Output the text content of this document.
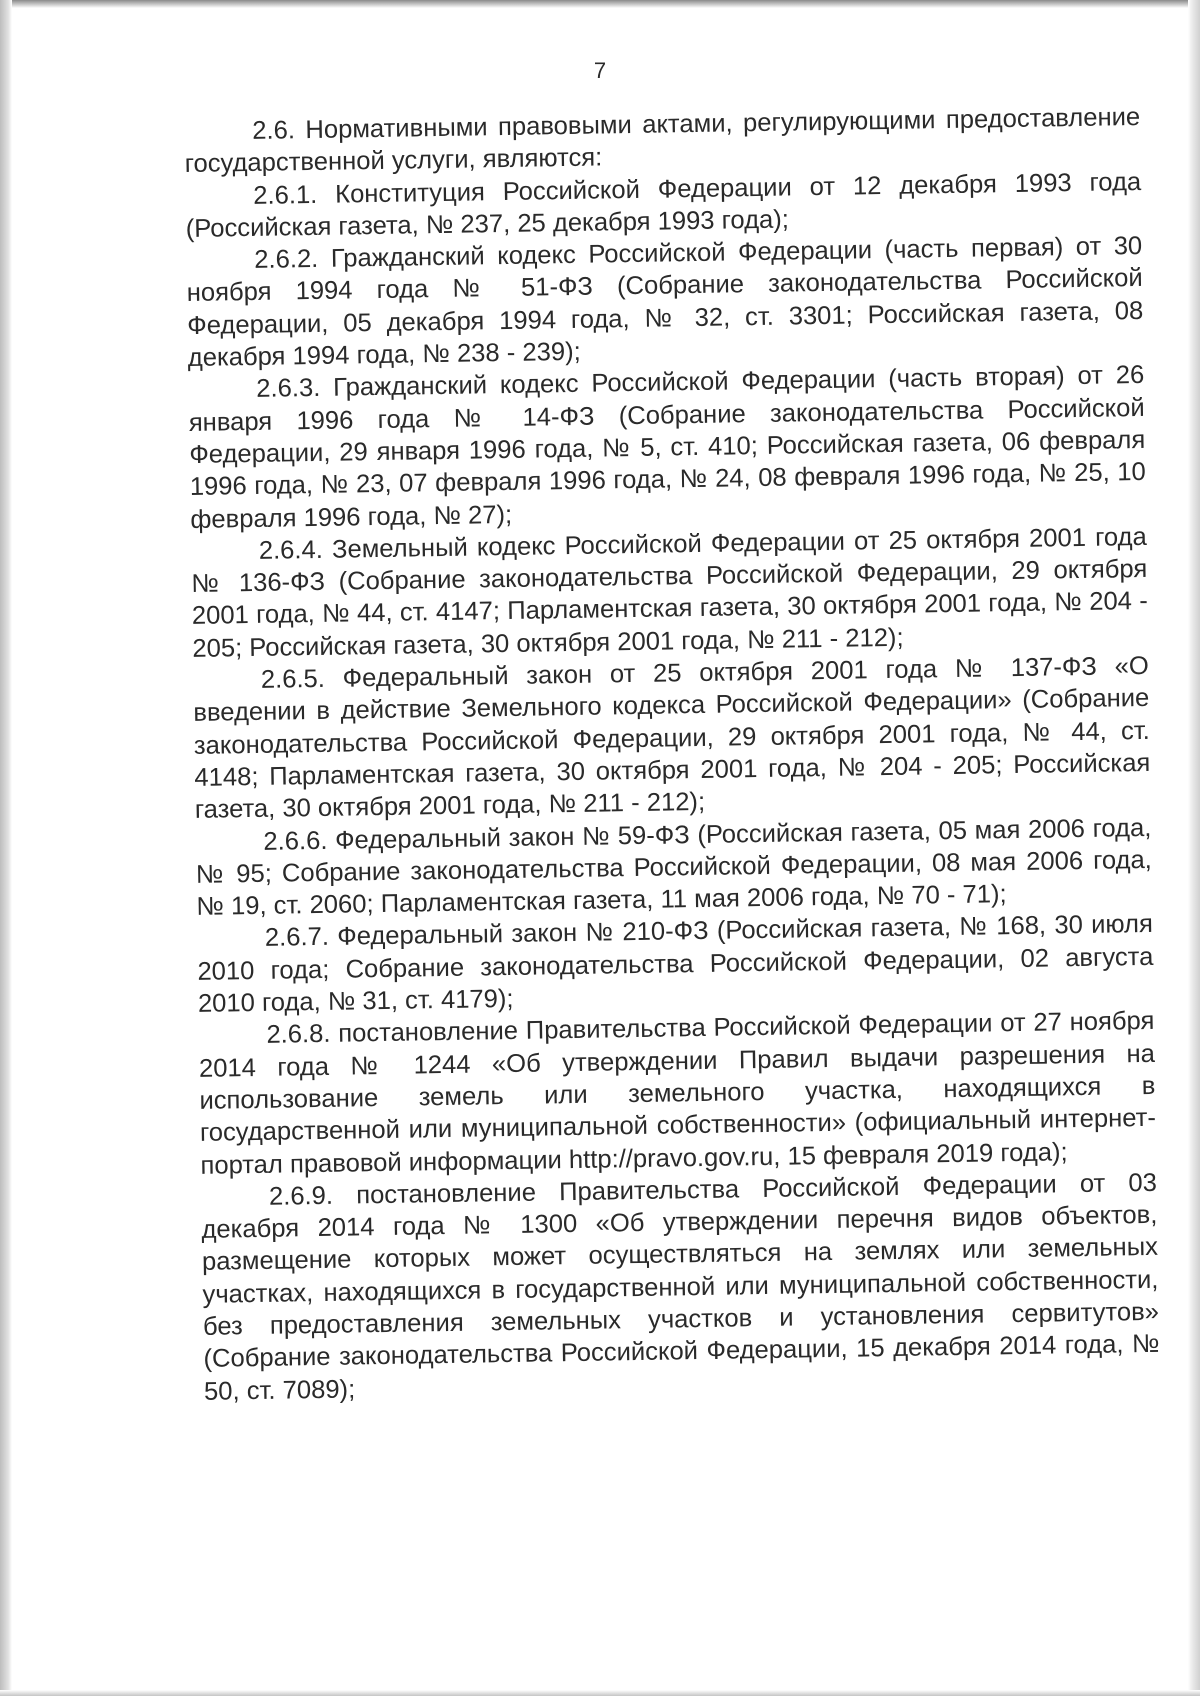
7

2.6. Нормативными правовыми актами, регулирующими предоставление государственной услуги, являются:

2.6.1. Конституция Российской Федерации от 12 декабря 1993 года (Российская газета, № 237, 25 декабря 1993 года);

2.6.2. Гражданский кодекс Российской Федерации (часть первая) от 30 ноября 1994 года № 51-ФЗ (Собрание законодательства Российской Федерации, 05 декабря 1994 года, № 32, ст. 3301; Российская газета, 08 декабря 1994 года, № 238 - 239);

2.6.3. Гражданский кодекс Российской Федерации (часть вторая) от 26 января 1996 года № 14-ФЗ (Собрание законодательства Российской Федерации, 29 января 1996 года, № 5, ст. 410; Российская газета, 06 февраля 1996 года, № 23, 07 февраля 1996 года, № 24, 08 февраля 1996 года, № 25, 10 февраля 1996 года, № 27);

2.6.4. Земельный кодекс Российской Федерации от 25 октября 2001 года № 136-ФЗ (Собрание законодательства Российской Федерации, 29 октября 2001 года, № 44, ст. 4147; Парламентская газета, 30 октября 2001 года, № 204 - 205; Российская газета, 30 октября 2001 года, № 211 - 212);

2.6.5. Федеральный закон от 25 октября 2001 года № 137-ФЗ «О введении в действие Земельного кодекса Российской Федерации» (Собрание законодательства Российской Федерации, 29 октября 2001 года, № 44, ст. 4148; Парламентская газета, 30 октября 2001 года, № 204 - 205; Российская газета, 30 октября 2001 года, № 211 - 212);

2.6.6. Федеральный закон № 59-ФЗ (Российская газета, 05 мая 2006 года, № 95; Собрание законодательства Российской Федерации, 08 мая 2006 года, № 19, ст. 2060; Парламентская газета, 11 мая 2006 года, № 70 - 71);

2.6.7. Федеральный закон № 210-ФЗ (Российская газета, № 168, 30 июля 2010 года; Собрание законодательства Российской Федерации, 02 августа 2010 года, № 31, ст. 4179);

2.6.8. постановление Правительства Российской Федерации от 27 ноября 2014 года № 1244 «Об утверждении Правил выдачи разрешения на использование земель или земельного участка, находящихся в государственной или муниципальной собственности» (официальный интернет-портал правовой информации http://pravo.gov.ru, 15 февраля 2019 года);

2.6.9. постановление Правительства Российской Федерации от 03 декабря 2014 года № 1300 «Об утверждении перечня видов объектов, размещение которых может осуществляться на землях или земельных участках, находящихся в государственной или муниципальной собственности, без предоставления земельных участков и установления сервитутов» (Собрание законодательства Российской Федерации, 15 декабря 2014 года, № 50, ст. 7089);
